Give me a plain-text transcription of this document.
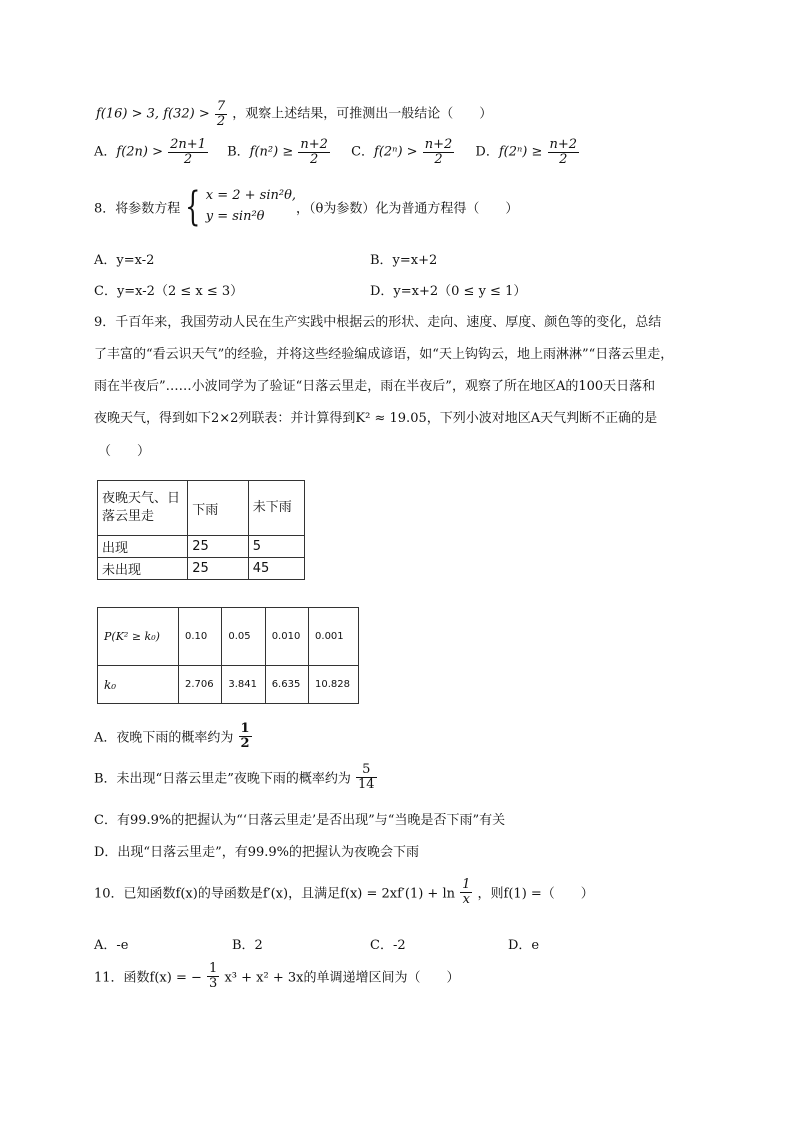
f(16) > 3, $f(32) > \frac{7}{2}$ ，观察上述结果，可推测出一般结论（　　）
A．$f(2n) > \frac{2n+1}{2}$ B．$f(n^2) \ge \frac{n+2}{2}$ C．$f(2^n) > \frac{n+2}{2}$ D．$f(2^n) \ge \frac{n+2}{2}$
8．将参数方程 { x = 2 + sin²θ,
y = sin²θ	，（θ为参数）化为普通方程得（　　）
A．y=x-2	B．y=x+2
C．y=x-2（2 ≤ x ≤ 3）	D．y=x+2（0 ≤ y ≤ 1）
9．千百年来，我国劳动人民在生产实践中根据云的形状、走向、速度、厚度、颜色等的变化，总结
了丰富的“看云识天气”的经验，并将这些经验编成谚语，如“天上钩钩云，地上雨淋淋”“日落云里走，
雨在半夜后”……小波同学为了验证“日落云里走，雨在半夜后”，观察了所在地区A的100天日落和
夜晚天气，得到如下2×2列联表：并计算得到K² ≈ 19.05，下列小波对地区A天气判断不正确的是
（　　）
夜晚天气、日落云里走	下雨	未下雨
出现	25	5
未出现	25	45
P(K² ≥ k₀)	0.10	0.05	0.010	0.001
k₀	2.706	3.841	6.635	10.828
A．夜晚下雨的概率约为 $\frac{1}{2}$
B．未出现“日落云里走”夜晚下雨的概率约为 $\frac{5}{14}$
C．有99.9%的把握认为“‘日落云里走’是否出现”与“当晚是否下雨”有关
D．出现“日落云里走”，有99.9%的把握认为夜晚会下雨
10．已知函数f(x)的导函数是f′(x)，且满足$f(x) = 2xf'(1) + \ln \frac{1}{x}$ ，则f(1) =（　　）
A．-e	B．2	C．-2	D．e
11．函数f(x) = − $\frac{1}{3} x^3 + x^2 + 3x$的单调递增区间为（　　）
